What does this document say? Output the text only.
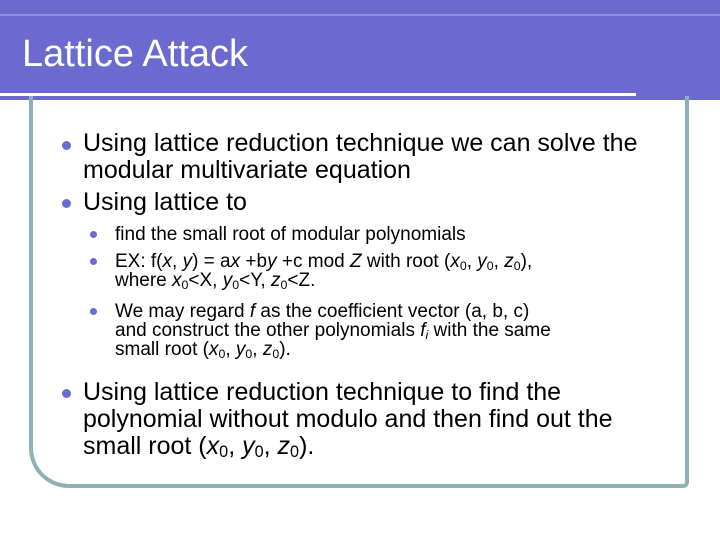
Lattice Attack
Using lattice reduction technique we can solve the modular multivariate equation
Using lattice to
find the small root of modular polynomials
EX: f(x, y) = ax +by +c mod Z with root ($x_0$, $y_0$, $z_0$),
where $x_0<X$, $y_0<Y$, $z_0<Z$.
We may regard f as the coefficient vector (a, b, c)
and construct the other polynomials $f_i$ with the same
small root ($x_0$, $y_0$, $z_0$).
Using lattice reduction technique to find the
polynomial without modulo and then find out the
small root ($x_0$, $y_0$, $z_0$).
